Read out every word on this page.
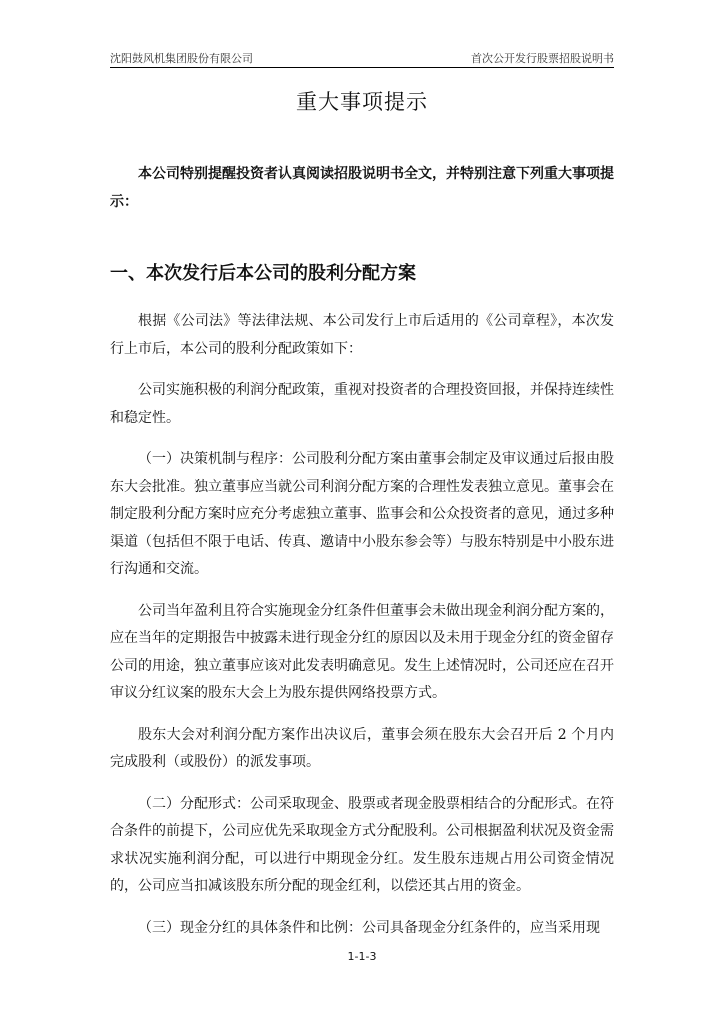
沈阳鼓风机集团股份有限公司	首次公开发行股票招股说明书
重大事项提示
本公司特别提醒投资者认真阅读招股说明书全文，并特别注意下列重大事项提示：
一、本次发行后本公司的股利分配方案

根据《公司法》等法律法规、本公司发行上市后适用的《公司章程》，本次发行上市后，本公司的股利分配政策如下：

公司实施积极的利润分配政策，重视对投资者的合理投资回报，并保持连续性和稳定性。

（一）决策机制与程序：公司股利分配方案由董事会制定及审议通过后报由股东大会批准。独立董事应当就公司利润分配方案的合理性发表独立意见。董事会在制定股利分配方案时应充分考虑独立董事、监事会和公众投资者的意见，通过多种渠道（包括但不限于电话、传真、邀请中小股东参会等）与股东特别是中小股东进行沟通和交流。

公司当年盈利且符合实施现金分红条件但董事会未做出现金利润分配方案的，应在当年的定期报告中披露未进行现金分红的原因以及未用于现金分红的资金留存公司的用途，独立董事应该对此发表明确意见。发生上述情况时，公司还应在召开审议分红议案的股东大会上为股东提供网络投票方式。

股东大会对利润分配方案作出决议后，董事会须在股东大会召开后 2 个月内完成股利（或股份）的派发事项。

（二）分配形式：公司采取现金、股票或者现金股票相结合的分配形式。在符合条件的前提下，公司应优先采取现金方式分配股利。公司根据盈利状况及资金需求状况实施利润分配，可以进行中期现金分红。发生股东违规占用公司资金情况的，公司应当扣减该股东所分配的现金红利，以偿还其占用的资金。

（三）现金分红的具体条件和比例：公司具备现金分红条件的，应当采用现

1-1-3
